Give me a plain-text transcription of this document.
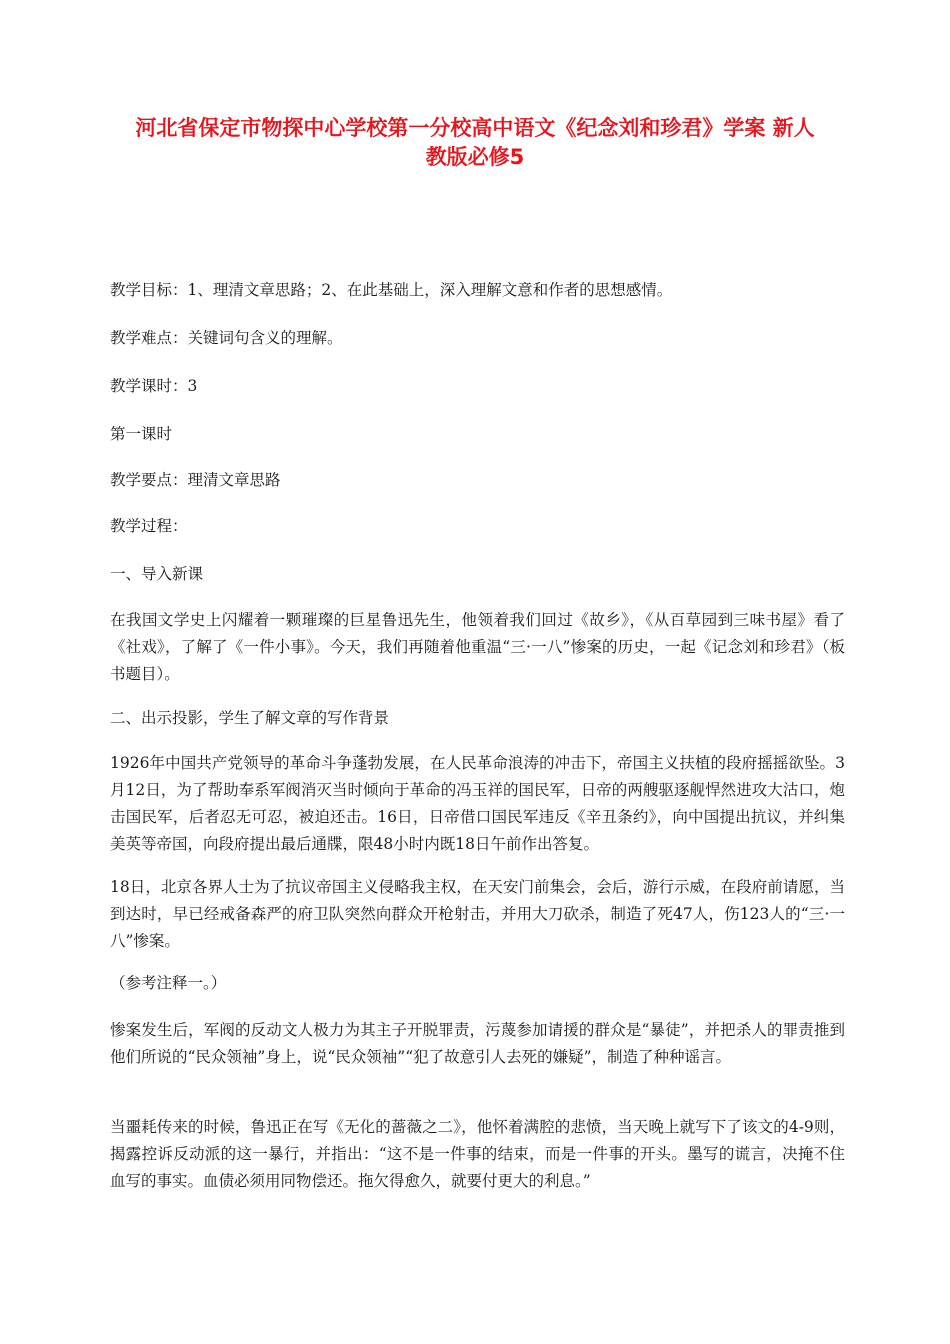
河北省保定市物探中心学校第一分校高中语文《纪念刘和珍君》学案 新人
教版必修5

教学目标：1、理清文章思路；2、在此基础上，深入理解文意和作者的思想感情。

教学难点：关键词句含义的理解。

教学课时：3

第一课时

教学要点：理清文章思路

教学过程：

一、导入新课

在我国文学史上闪耀着一颗璀璨的巨星鲁迅先生，他领着我们回过《故乡》，《从百草园到三味书屋》看了《社戏》，了解了《一件小事》。今天，我们再随着他重温“三·一八”惨案的历史，一起《记念刘和珍君》（板书题目）。

二、出示投影，学生了解文章的写作背景

1926年中国共产党领导的革命斗争蓬勃发展，在人民革命浪涛的冲击下，帝国主义扶植的段府摇摇欲坠。3月12日，为了帮助奉系军阀消灭当时倾向于革命的冯玉祥的国民军，日帝的两艘驱逐舰悍然进攻大沽口，炮击国民军，后者忍无可忍，被迫还击。16日，日帝借口国民军违反《辛丑条约》，向中国提出抗议，并纠集美英等帝国，向段府提出最后通牒，限48小时内既18日午前作出答复。

18日，北京各界人士为了抗议帝国主义侵略我主权，在天安门前集会，会后，游行示威，在段府前请愿，当到达时，早已经戒备森严的府卫队突然向群众开枪射击，并用大刀砍杀，制造了死47人，伤123人的“三·一八”惨案。

（参考注释一。）

惨案发生后，军阀的反动文人极力为其主子开脱罪责，污蔑参加请援的群众是“暴徒”，并把杀人的罪责推到他们所说的“民众领袖”身上，说“民众领袖”“犯了故意引人去死的嫌疑”，制造了种种谣言。

当噩耗传来的时候，鲁迅正在写《无化的蔷薇之二》，他怀着满腔的悲愤，当天晚上就写下了该文的4-9则，揭露控诉反动派的这一暴行，并指出：“这不是一件事的结束，而是一件事的开头。墨写的谎言，决掩不住血写的事实。血债必须用同物偿还。拖欠得愈久，就要付更大的利息。”
